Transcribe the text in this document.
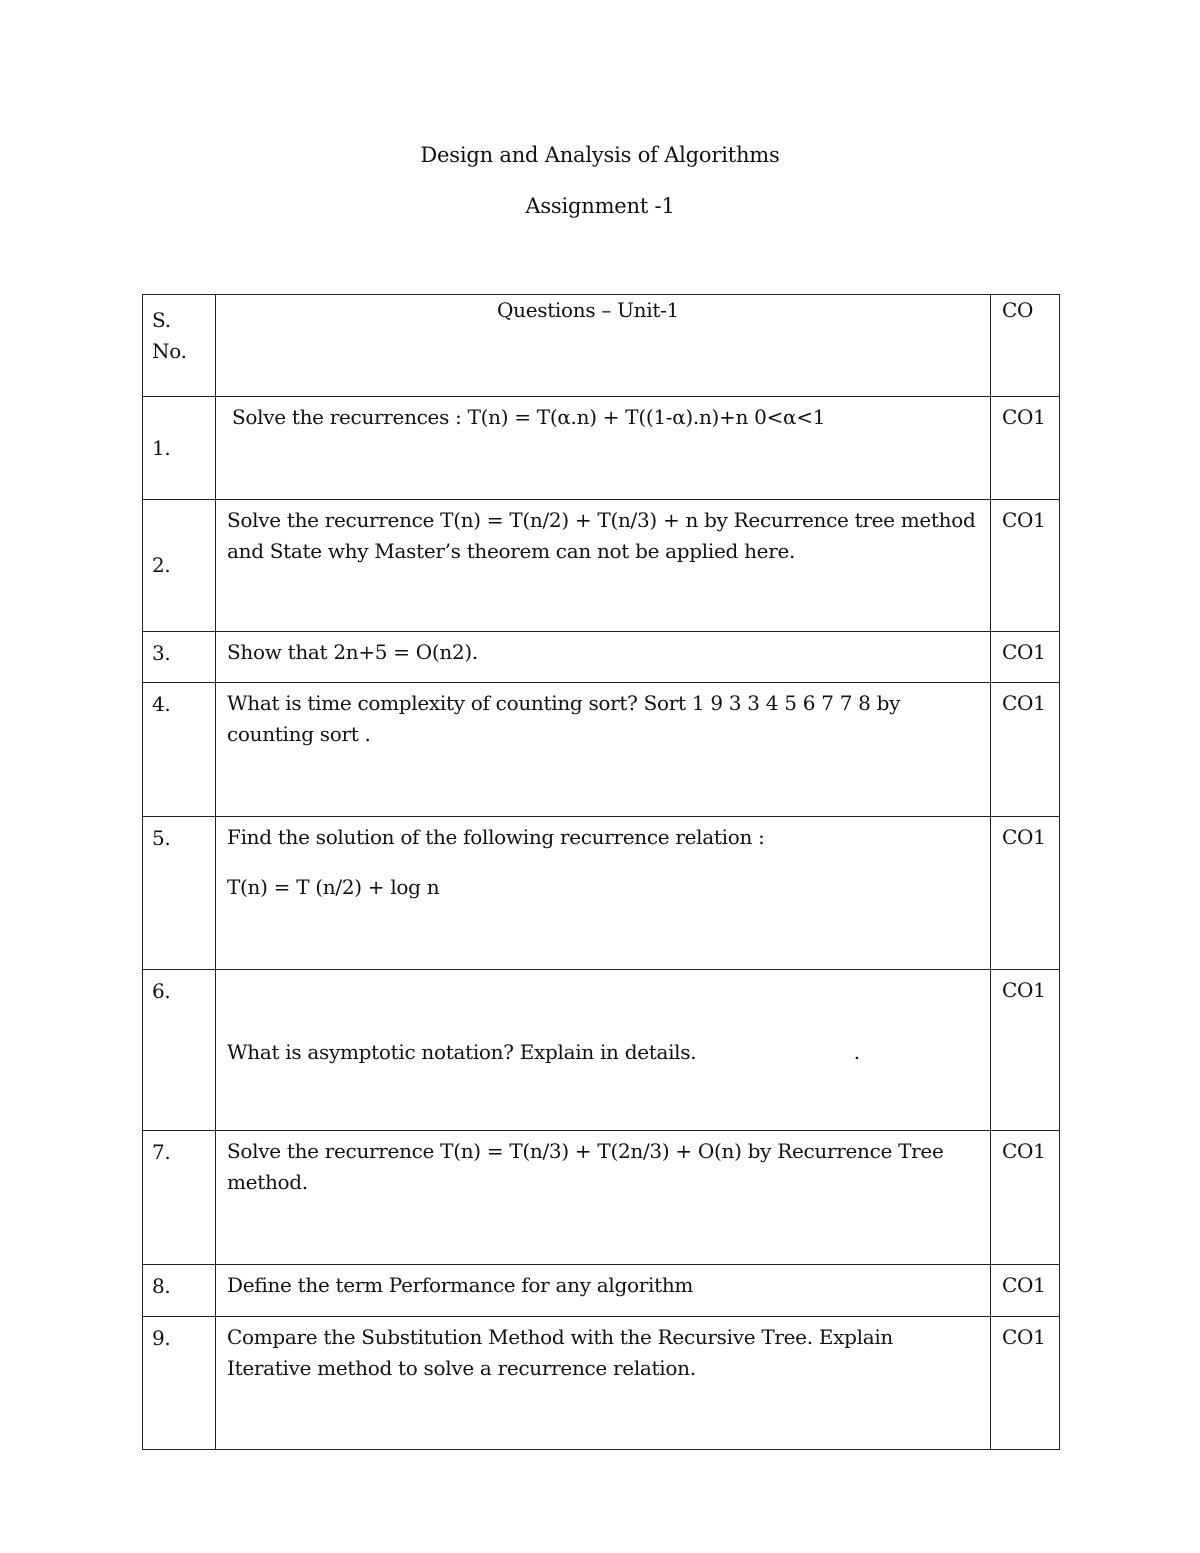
Design and Analysis of Algorithms
Assignment -1
S.
No.	Questions – Unit-1	CO
1.	Solve the recurrences : T(n) = T(α.n) + T((1-α).n)+n 0<α<1	CO1
2.	Solve the recurrence T(n) = T(n/2) + T(n/3) + n by Recurrence tree method
and State why Master’s theorem can not be applied here.	CO1
3.	Show that 2n+5 = O(n2).	CO1
4.	What is time complexity of counting sort? Sort 1 9 3 3 4 5 6 7 7 8 by
counting sort .	CO1
5.	Find the solution of the following recurrence relation :
T(n) = T (n/2) + log n	CO1
6.	What is asymptotic notation? Explain in details.                          .	CO1
7.	Solve the recurrence T(n) = T(n/3) + T(2n/3) + O(n) by Recurrence Tree
method.	CO1
8.	Define the term Performance for any algorithm	CO1
9.	Compare the Substitution Method with the Recursive Tree. Explain
Iterative method to solve a recurrence relation.	CO1
